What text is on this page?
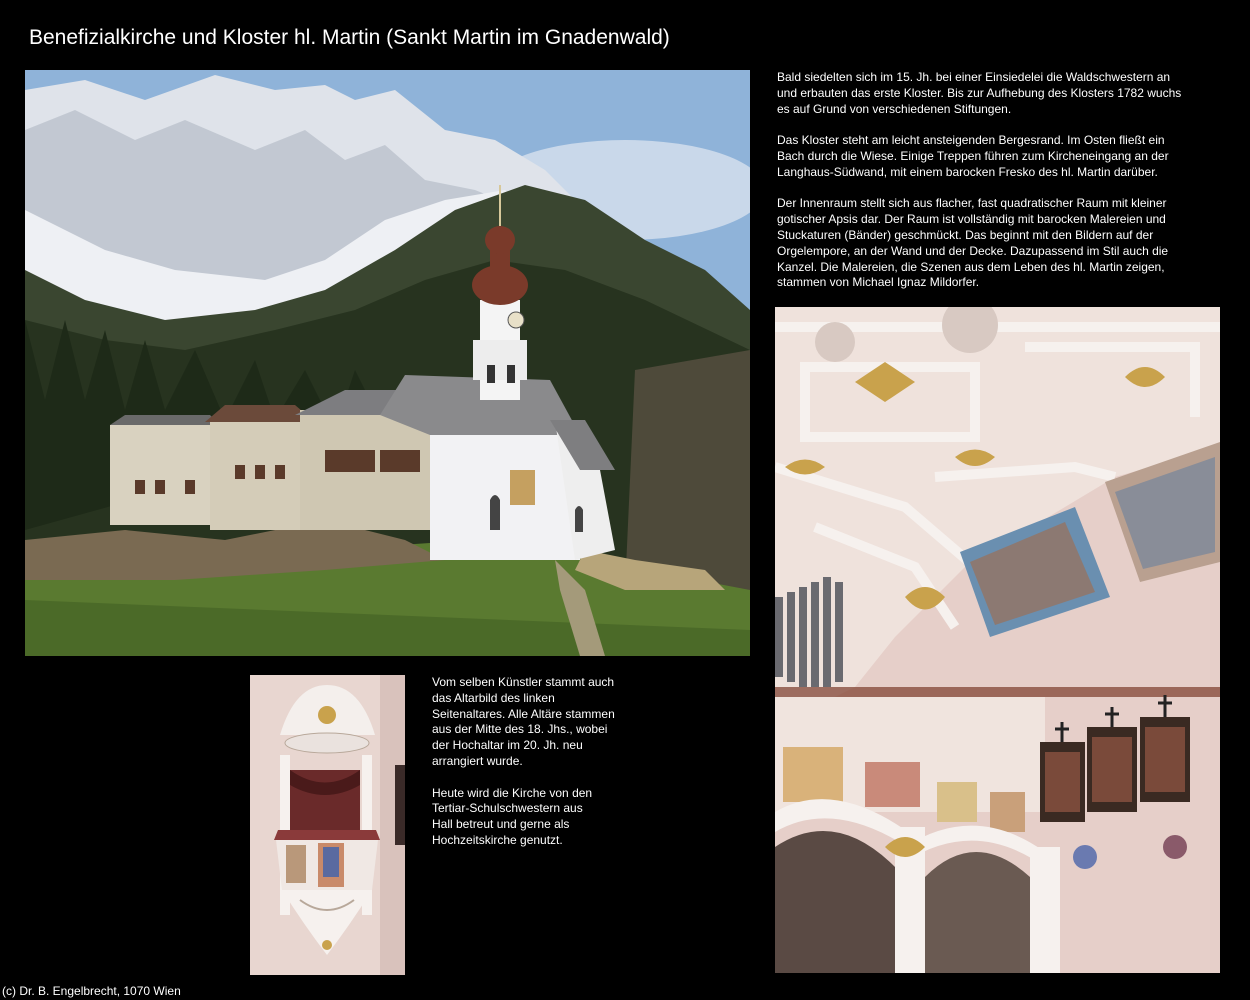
Benefizialkirche und Kloster hl. Martin (Sankt Martin im Gnadenwald)

Bald siedelten sich im 15. Jh. bei einer Einsiedelei die Waldschwestern an
und erbauten das erste Kloster. Bis zur Aufhebung des Klosters 1782 wuchs
es auf Grund von verschiedenen Stiftungen.

Das Kloster steht am leicht ansteigenden Bergesrand. Im Osten fließt ein
Bach durch die Wiese. Einige Treppen führen zum Kircheneingang an der
Langhaus-Südwand, mit einem barocken Fresko des hl. Martin darüber.

Der Innenraum stellt sich aus flacher, fast quadratischer Raum mit kleiner
gotischer Apsis dar. Der Raum ist vollständig mit barocken Malereien und
Stuckaturen (Bänder) geschmückt. Das beginnt mit den Bildern auf der
Orgelempore, an der Wand und der Decke. Dazupassend im Stil auch die
Kanzel. Die Malereien, die Szenen aus dem Leben des hl. Martin zeigen,
stammen von Michael Ignaz Mildorfer.

Vom selben Künstler stammt auch
das Altarbild des linken
Seitenaltares. Alle Altäre stammen
aus der Mitte des 18. Jhs., wobei
der Hochaltar im 20. Jh. neu
arrangiert wurde.

Heute wird die Kirche von den
Tertiar-Schulschwestern aus
Hall betreut und gerne als
Hochzeitskirche genutzt.

(c) Dr. B. Engelbrecht, 1070 Wien
